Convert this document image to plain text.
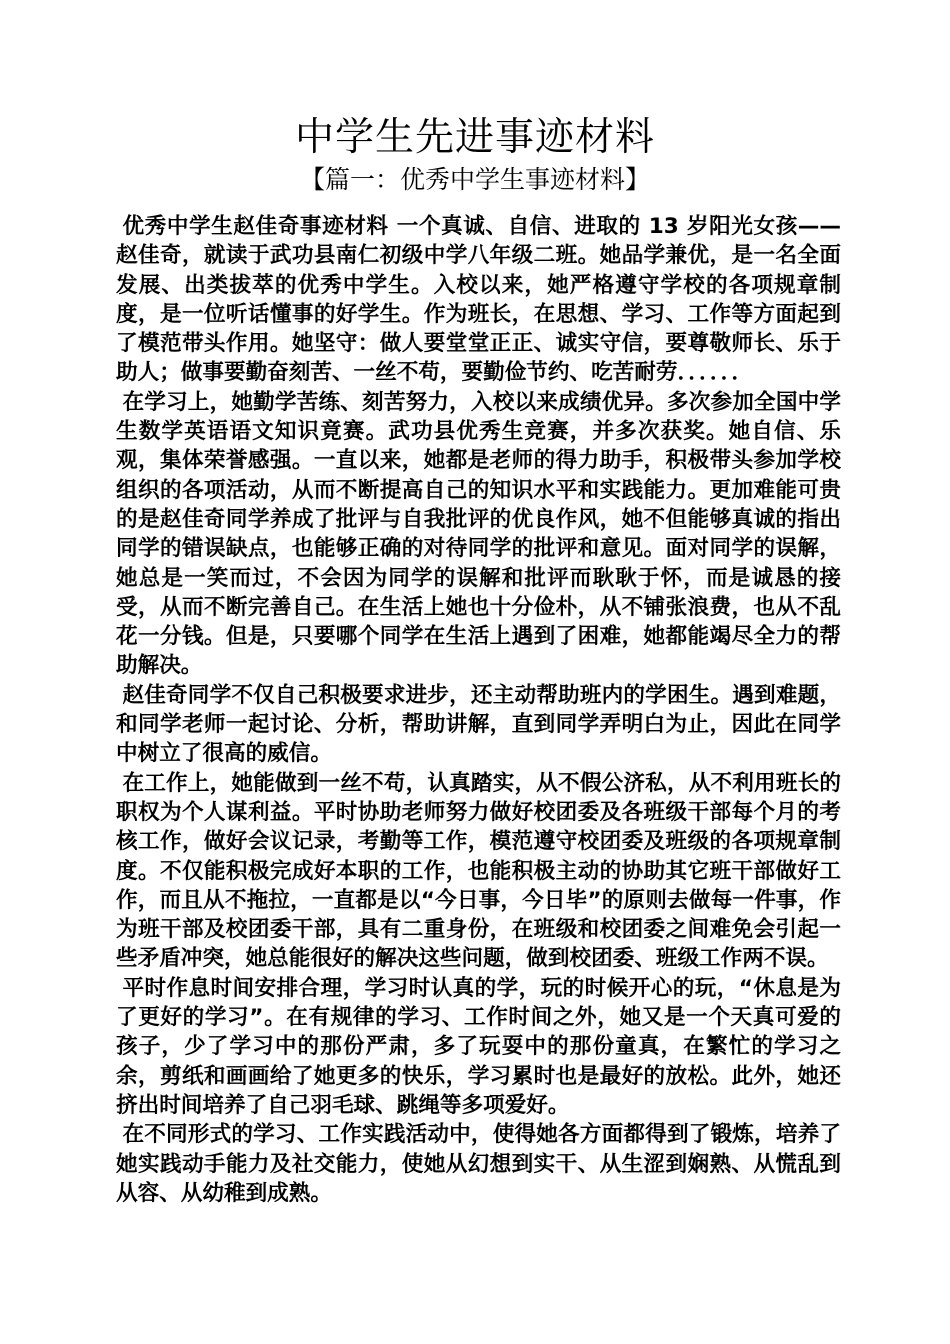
中学生先进事迹材料
【篇一：优秀中学生事迹材料】

优秀中学生赵佳奇事迹材料 一个真诚、自信、进取的 13 岁阳光女孩——赵佳奇，就读于武功县南仁初级中学八年级二班。她品学兼优，是一名全面发展、出类拔萃的优秀中学生。入校以来，她严格遵守学校的各项规章制度，是一位听话懂事的好学生。作为班长，在思想、学习、工作等方面起到了模范带头作用。她坚守：做人要堂堂正正、诚实守信，要尊敬师长、乐于助人；做事要勤奋刻苦、一丝不苟，要勤俭节约、吃苦耐劳．．．．．．

在学习上，她勤学苦练、刻苦努力，入校以来成绩优异。多次参加全国中学生数学英语语文知识竟赛。武功县优秀生竞赛，并多次获奖。她自信、乐观，集体荣誉感强。一直以来，她都是老师的得力助手，积极带头参加学校组织的各项活动，从而不断提高自己的知识水平和实践能力。更加难能可贵的是赵佳奇同学养成了批评与自我批评的优良作风，她不但能够真诚的指出同学的错误缺点，也能够正确的对待同学的批评和意见。面对同学的误解，她总是一笑而过，不会因为同学的误解和批评而耿耿于怀，而是诚恳的接受，从而不断完善自己。在生活上她也十分俭朴，从不铺张浪费，也从不乱花一分钱。但是，只要哪个同学在生活上遇到了困难，她都能竭尽全力的帮助解决。

赵佳奇同学不仅自己积极要求进步，还主动帮助班内的学困生。遇到难题，和同学老师一起讨论、分析，帮助讲解，直到同学弄明白为止，因此在同学中树立了很高的威信。

在工作上，她能做到一丝不苟，认真踏实，从不假公济私，从不利用班长的职权为个人谋利益。平时协助老师努力做好校团委及各班级干部每个月的考核工作，做好会议记录，考勤等工作，模范遵守校团委及班级的各项规章制度。不仅能积极完成好本职的工作，也能积极主动的协助其它班干部做好工作，而且从不拖拉，一直都是以“今日事，今日毕”的原则去做每一件事，作为班干部及校团委干部，具有二重身份，在班级和校团委之间难免会引起一些矛盾冲突，她总能很好的解决这些问题，做到校团委、班级工作两不误。

平时作息时间安排合理，学习时认真的学，玩的时候开心的玩，“休息是为了更好的学习”。在有规律的学习、工作时间之外，她又是一个天真可爱的孩子，少了学习中的那份严肃，多了玩耍中的那份童真，在繁忙的学习之余，剪纸和画画给了她更多的快乐，学习累时也是最好的放松。此外，她还挤出时间培养了自己羽毛球、跳绳等多项爱好。

在不同形式的学习、工作实践活动中，使得她各方面都得到了锻炼，培养了她实践动手能力及社交能力，使她从幻想到实干、从生涩到娴熟、从慌乱到从容、从幼稚到成熟。
